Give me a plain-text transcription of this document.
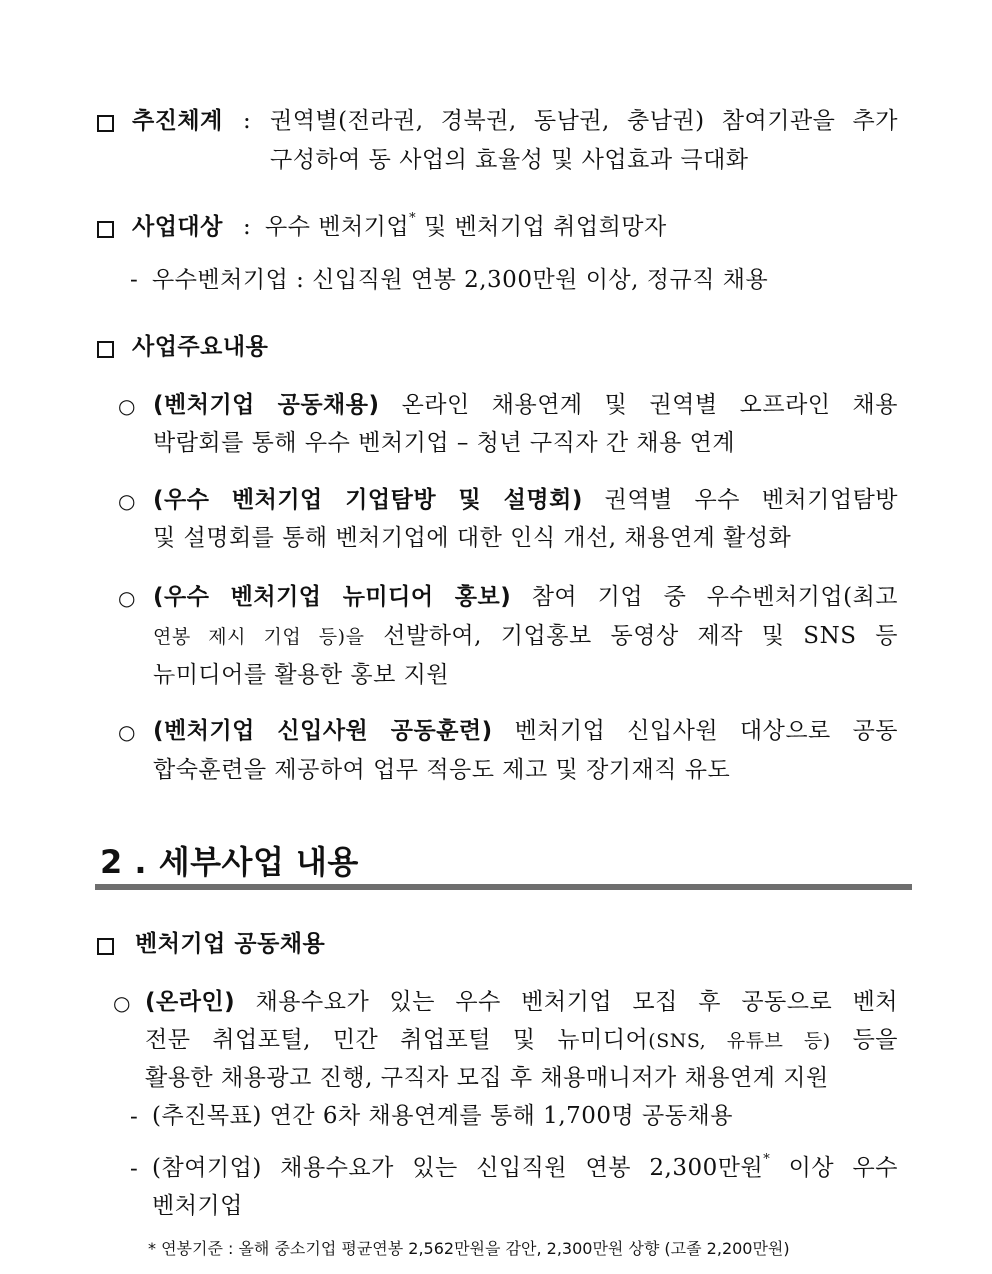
추진체계 : 권역별(전라권, 경북권, 동남권, 충남권) 참여기관을 추가
구성하여 동 사업의 효율성 및 사업효과 극대화
사업대상 : 우수 벤처기업* 및 벤처기업 취업희망자
- 우수벤처기업 : 신입직원 연봉 2,300만원 이상, 정규직 채용
사업주요내용
○ (벤처기업 공동채용) 온라인 채용연계 및 권역별 오프라인 채용
박람회를 통해 우수 벤처기업 – 청년 구직자 간 채용 연계
○ (우수 벤처기업 기업탐방 및 설명회) 권역별 우수 벤처기업탐방
및 설명회를 통해 벤처기업에 대한 인식 개선, 채용연계 활성화
○ (우수 벤처기업 뉴미디어 홍보) 참여 기업 중 우수벤처기업(최고
연봉 제시 기업 등)을 선발하여, 기업홍보 동영상 제작 및 SNS 등
뉴미디어를 활용한 홍보 지원
○ (벤처기업 신입사원 공동훈련) 벤처기업 신입사원 대상으로 공동
합숙훈련을 제공하여 업무 적응도 제고 및 장기재직 유도
2 . 세부사업 내용
벤처기업 공동채용
○ (온라인) 채용수요가 있는 우수 벤처기업 모집 후 공동으로 벤처
전문 취업포털, 민간 취업포털 및 뉴미디어(SNS, 유튜브 등) 등을
활용한 채용광고 진행, 구직자 모집 후 채용매니저가 채용연계 지원
- (추진목표) 연간 6차 채용연계를 통해 1,700명 공동채용
- (참여기업) 채용수요가 있는 신입직원 연봉 2,300만원* 이상 우수
벤처기업
* 연봉기준 : 올해 중소기업 평균연봉 2,562만원을 감안, 2,300만원 상향 (고졸 2,200만원)
